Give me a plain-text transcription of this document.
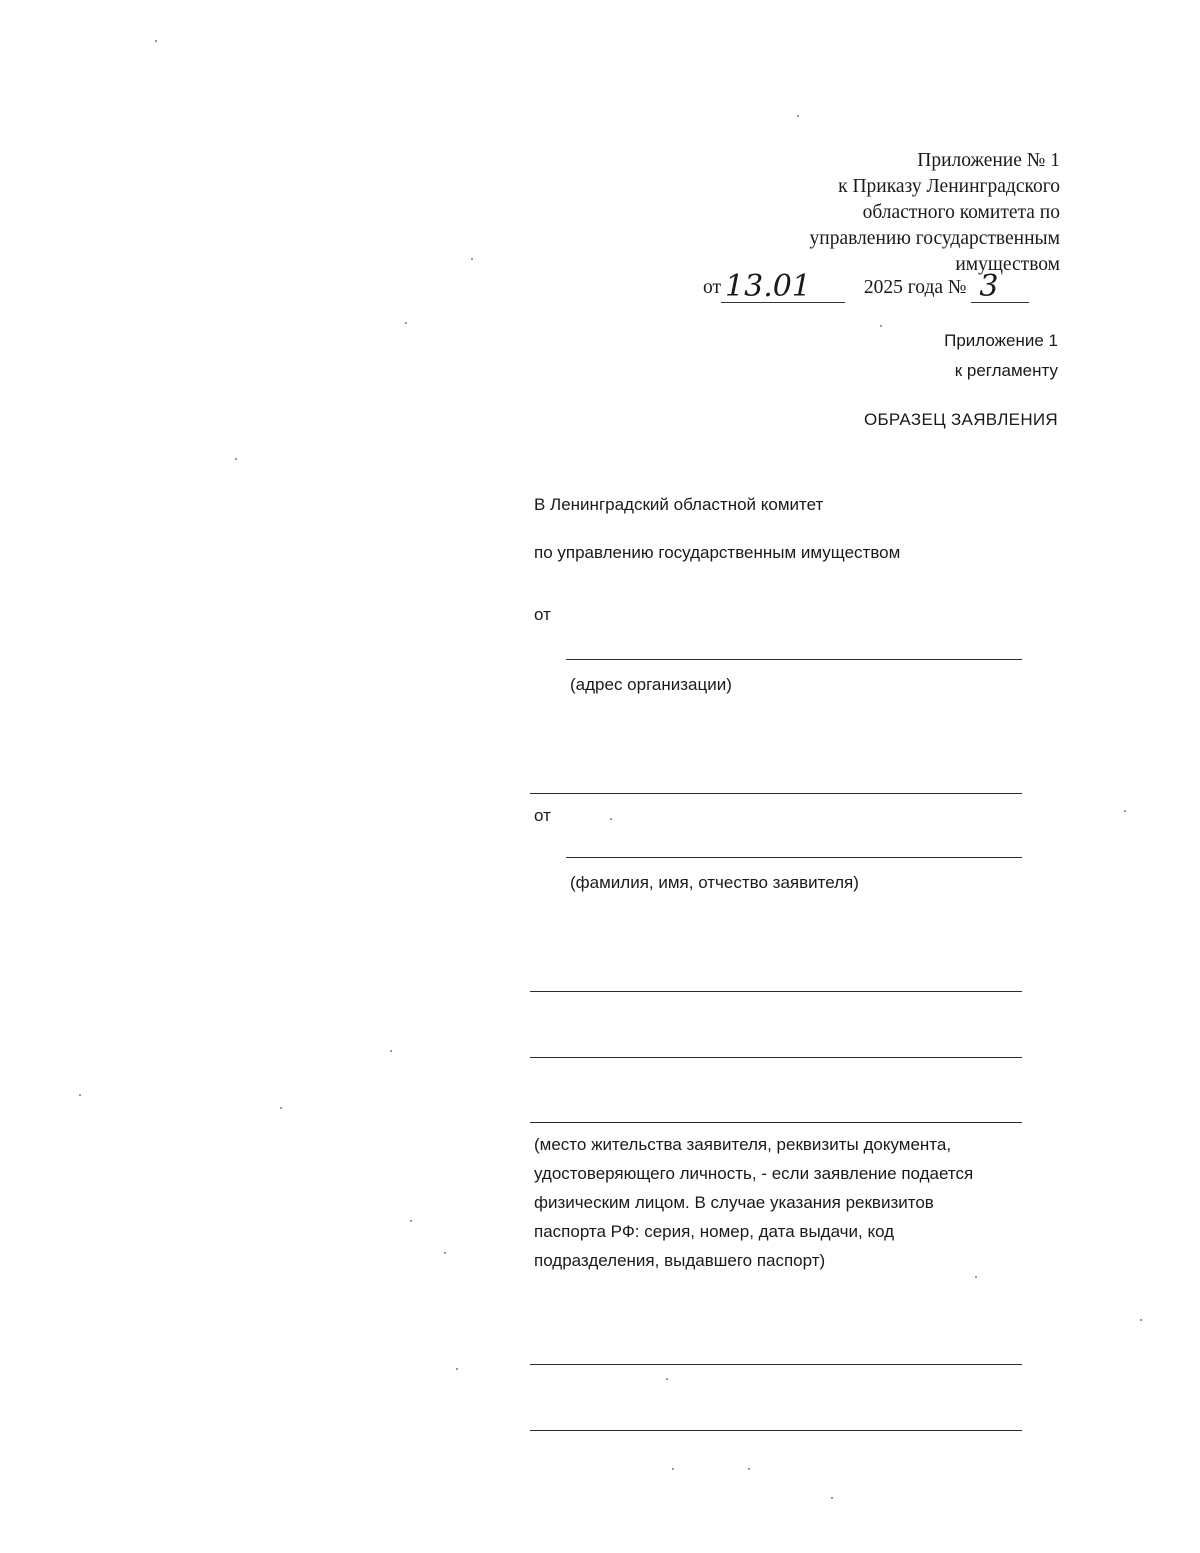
Приложение № 1
к Приказу Ленинградского
областного комитета по
управлению государственным
имуществом
от 13.01	2025 года № 3
Приложение 1
к регламенту
ОБРАЗЕЦ ЗАЯВЛЕНИЯ
В Ленинградский областной комитет
по управлению государственным имуществом
от
(адрес организации)
от
(фамилия, имя, отчество заявителя)
(место жительства заявителя, реквизиты документа,
удостоверяющего личность, - если заявление подается
физическим лицом. В случае указания реквизитов
паспорта РФ: серия, номер, дата выдачи, код
подразделения, выдавшего паспорт)
